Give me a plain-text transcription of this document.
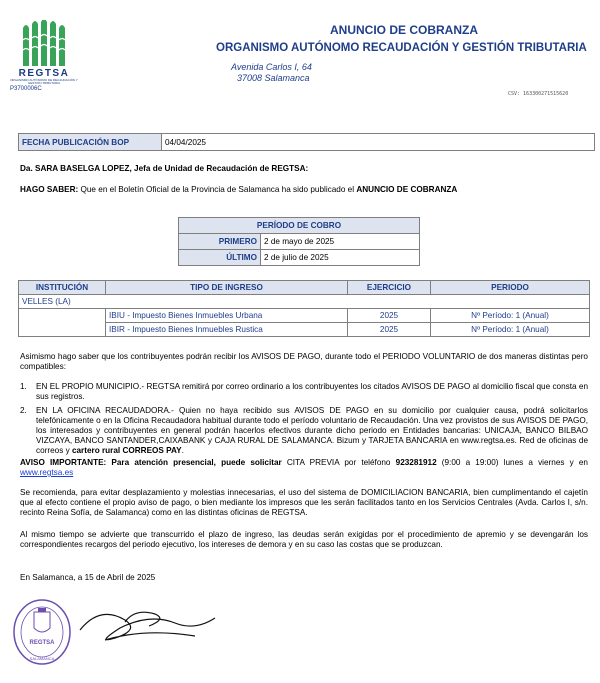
REGTSA
ORGANISMO AUTÓNOMO DE RECAUDACIÓN Y GESTIÓN TRIBUTARIA
P3700006C
ANUNCIO DE COBRANZA
ORGANISMO AUTÓNOMO RECAUDACIÓN Y GESTIÓN TRIBUTARIA
Avenida Carlos I, 64
37008 Salamanca
CSV: 163300271515620
FECHA PUBLICACIÓN BOP	04/04/2025
Da. SARA BASELGA LOPEZ, Jefa de Unidad de Recaudación de REGTSA:
HAGO SABER: Que en el Boletín Oficial de la Provincia de Salamanca ha sido publicado el ANUNCIO DE COBRANZA
PERÍODO DE COBRO	
PRIMERO	2 de mayo de 2025
ÚLTIMO	2 de julio de 2025
INSTITUCIÓN	TIPO DE INGRESO	EJERCICIO	PERIODO
VELLES (LA)			
	IBIU - Impuesto Bienes Inmuebles Urbana	2025	Nº Período: 1 (Anual)
	IBIR - Impuesto Bienes Inmuebles Rustica	2025	Nº Período: 1 (Anual)
Asimismo hago saber que los contribuyentes podrán recibir los AVISOS DE PAGO, durante todo el PERIODO VOLUNTARIO de dos maneras distintas pero compatibles:
1. EN EL PROPIO MUNICIPIO.- REGTSA remitirá por correo ordinario a los contribuyentes los citados AVISOS DE PAGO al domicilio fiscal que consta en sus registros.
2. EN LA OFICINA RECAUDADORA.- Quien no haya recibido sus AVISOS DE PAGO en su domicilio por cualquier causa, podrá solicitarlos telefónicamente o en la Oficina Recaudadora habitual durante todo el período voluntario de Recaudación. Una vez provistos de sus AVISOS DE PAGO, los interesados y contribuyentes en general podrán hacerlos efectivos durante dicho periodo en Entidades bancarias: UNICAJA, BANCO BILBAO VIZCAYA, BANCO SANTANDER,CAIXABANK y CAJA RURAL DE SALAMANCA. Bizum y TARJETA BANCARIA en www.regtsa.es. Red de oficinas de correos y cartero rural CORREOS PAY.
AVISO IMPORTANTE: Para atención presencial, puede solicitar CITA PREVIA por teléfono 923281912 (9:00 a 19:00) lunes a viernes y en www.regtsa.es
Se recomienda, para evitar desplazamiento y molestias innecesarias, el uso del sistema de DOMICILIACION BANCARIA, bien cumplimentando el cajetín que al efecto contiene el propio aviso de pago, o bien mediante los impresos que les serán facilitados tanto en los Servicios Centrales (Avda. Carlos I, s/n. recinto Reina Sofía, de Salamanca) como en las distintas oficinas de REGTSA.
Al mismo tiempo se advierte que transcurrido el plazo de ingreso, las deudas serán exigidas por el procedimiento de apremio y se devengarán los correspondientes recargos del periodo ejecutivo, los intereses de demora y en su caso las costas que se produzcan.
En Salamanca, a 15 de Abril de 2025
REGTSA
SALAMANCA
